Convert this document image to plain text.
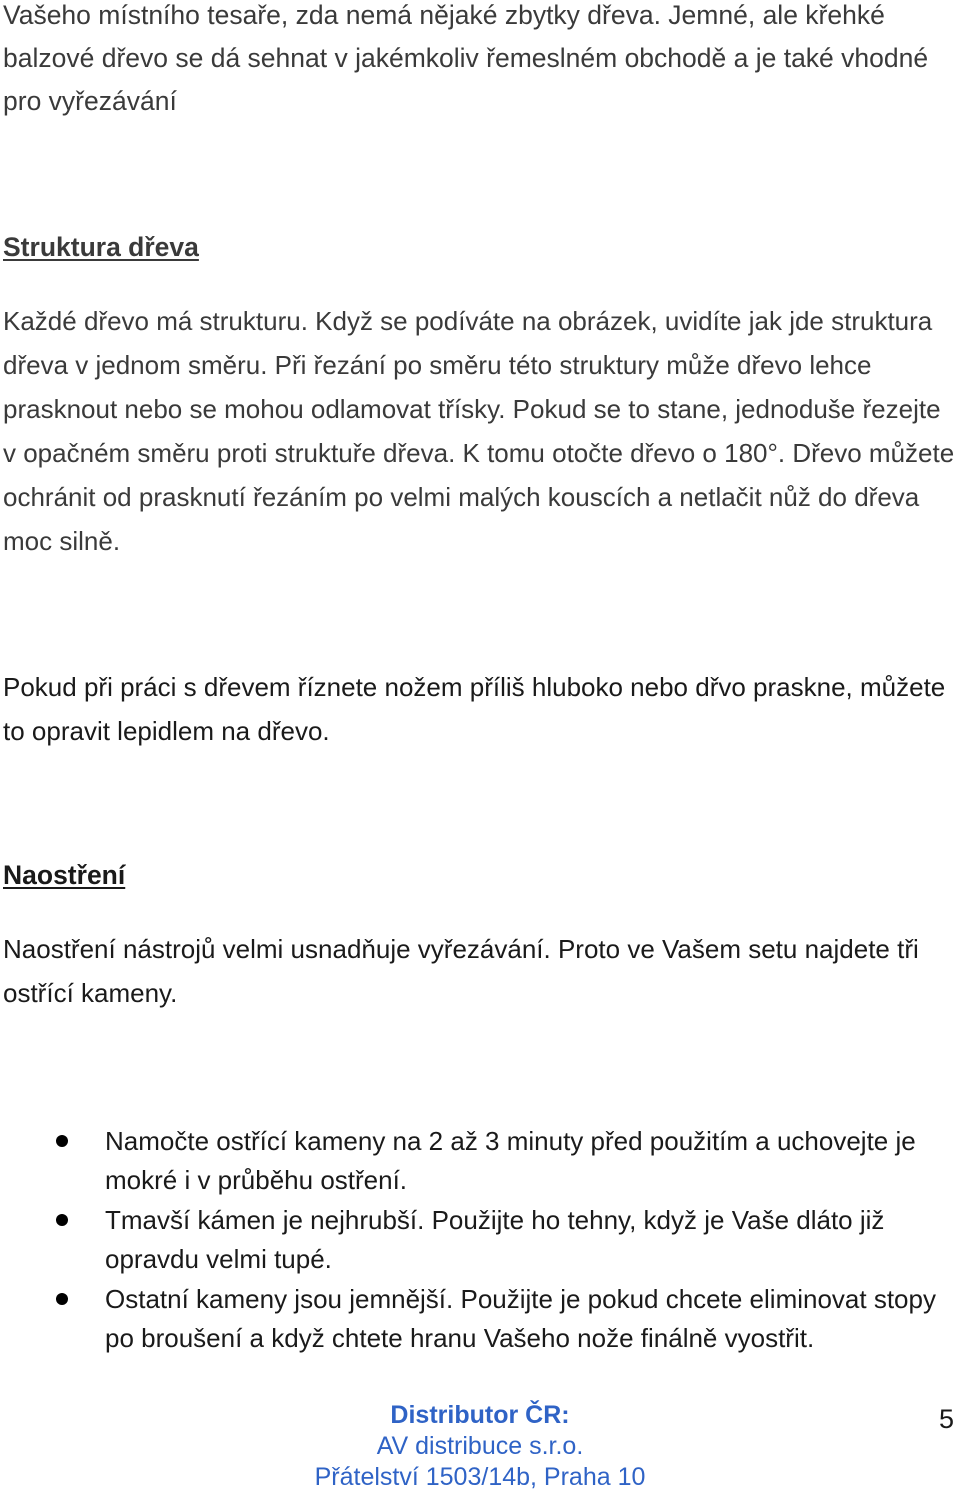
Vašeho místního tesaře, zda nemá nějaké zbytky dřeva. Jemné, ale křehké balzové dřevo se dá sehnat v jakémkoliv řemeslném obchodě a je také vhodné pro vyřezávání

Struktura dřeva

Každé dřevo má strukturu. Když se podíváte na obrázek, uvidíte jak jde struktura dřeva v jednom směru. Při řezání po směru této struktury může dřevo lehce prasknout nebo se mohou odlamovat třísky. Pokud se to stane, jednoduše řezejte v opačném směru proti struktuře dřeva. K tomu otočte dřevo o 180°. Dřevo můžete ochránit od prasknutí řezáním po velmi malých kouscích a netlačit nůž do dřeva moc silně.

Pokud při práci s dřevem říznete nožem příliš hluboko nebo dřvo praskne, můžete to opravit lepidlem na dřevo.

Naostření

Naostření nástrojů velmi usnadňuje vyřezávání. Proto ve Vašem setu najdete tři ostřící kameny.

Namočte ostřící kameny na 2 až 3 minuty před použitím a uchovejte je mokré i v průběhu ostření.
Tmavší kámen je nejhrubší. Použijte ho tehny, když je Vaše dláto již opravdu velmi tupé.
Ostatní kameny jsou jemnější. Použijte je pokud chcete eliminovat stopy po broušení a když chtete hranu Vašeho nože finálně vyostřit.
Distributor ČR:
AV distribuce s.r.o.
Přátelství 1503/14b, Praha 10
5
